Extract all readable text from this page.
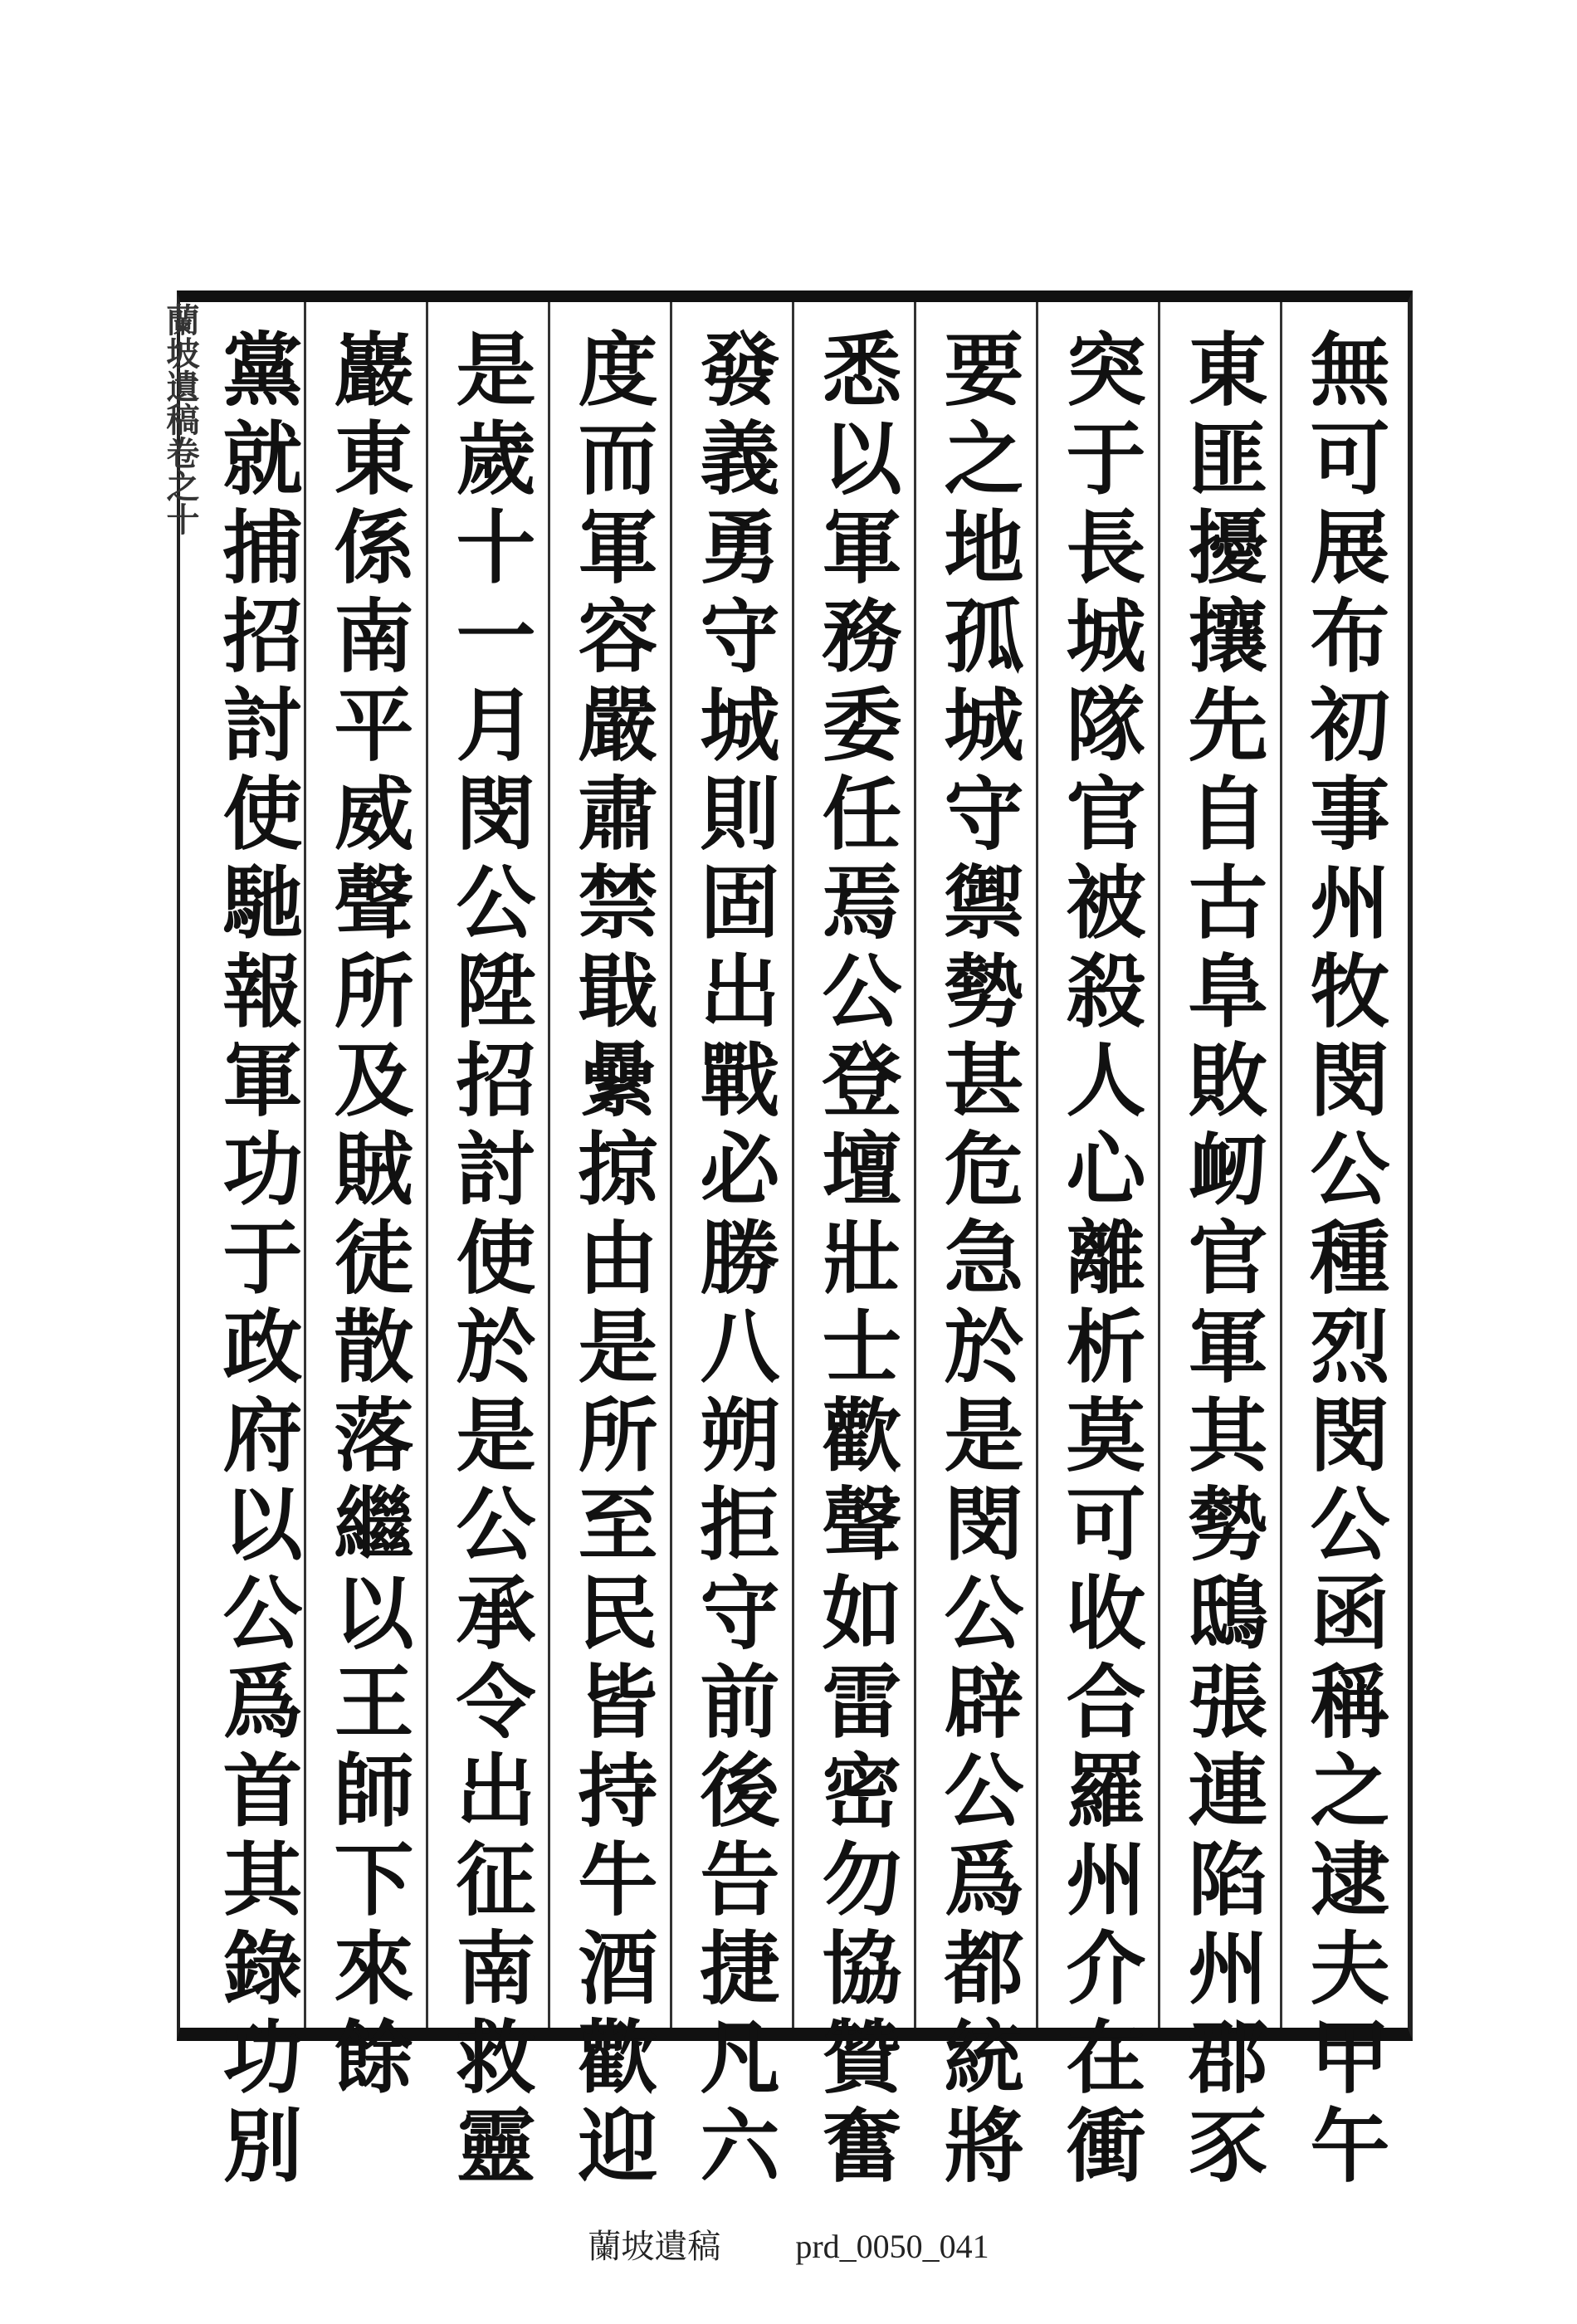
蘭坡遺稿卷之十	無可展布初事州牧閔公種烈閔公函稱之逮夫甲午
東匪擾攘先自古阜敗衂官軍其勢鴟張連陷州郡豕
突于長城隊官被殺人心離析莫可收合羅州介在衝
要之地孤城守禦勢甚危急於是閔公辟公爲都統將
悉以軍務委任焉公登壇壯士歡聲如雷密勿協贊奮
發義勇守城則固出戰必勝八朔拒守前後告捷凡六
度而軍容嚴肅禁戢纍掠由是所至民皆持牛酒歡迎
是歲十一月閔公陞招討使於是公承令出征南救靈
巖東係南平威聲所及賊徒散落繼以王師下來餘
黨就捕招討使馳報軍功于政府以公爲首其錄功別
蘭坡遺稿 prd_0050_041
